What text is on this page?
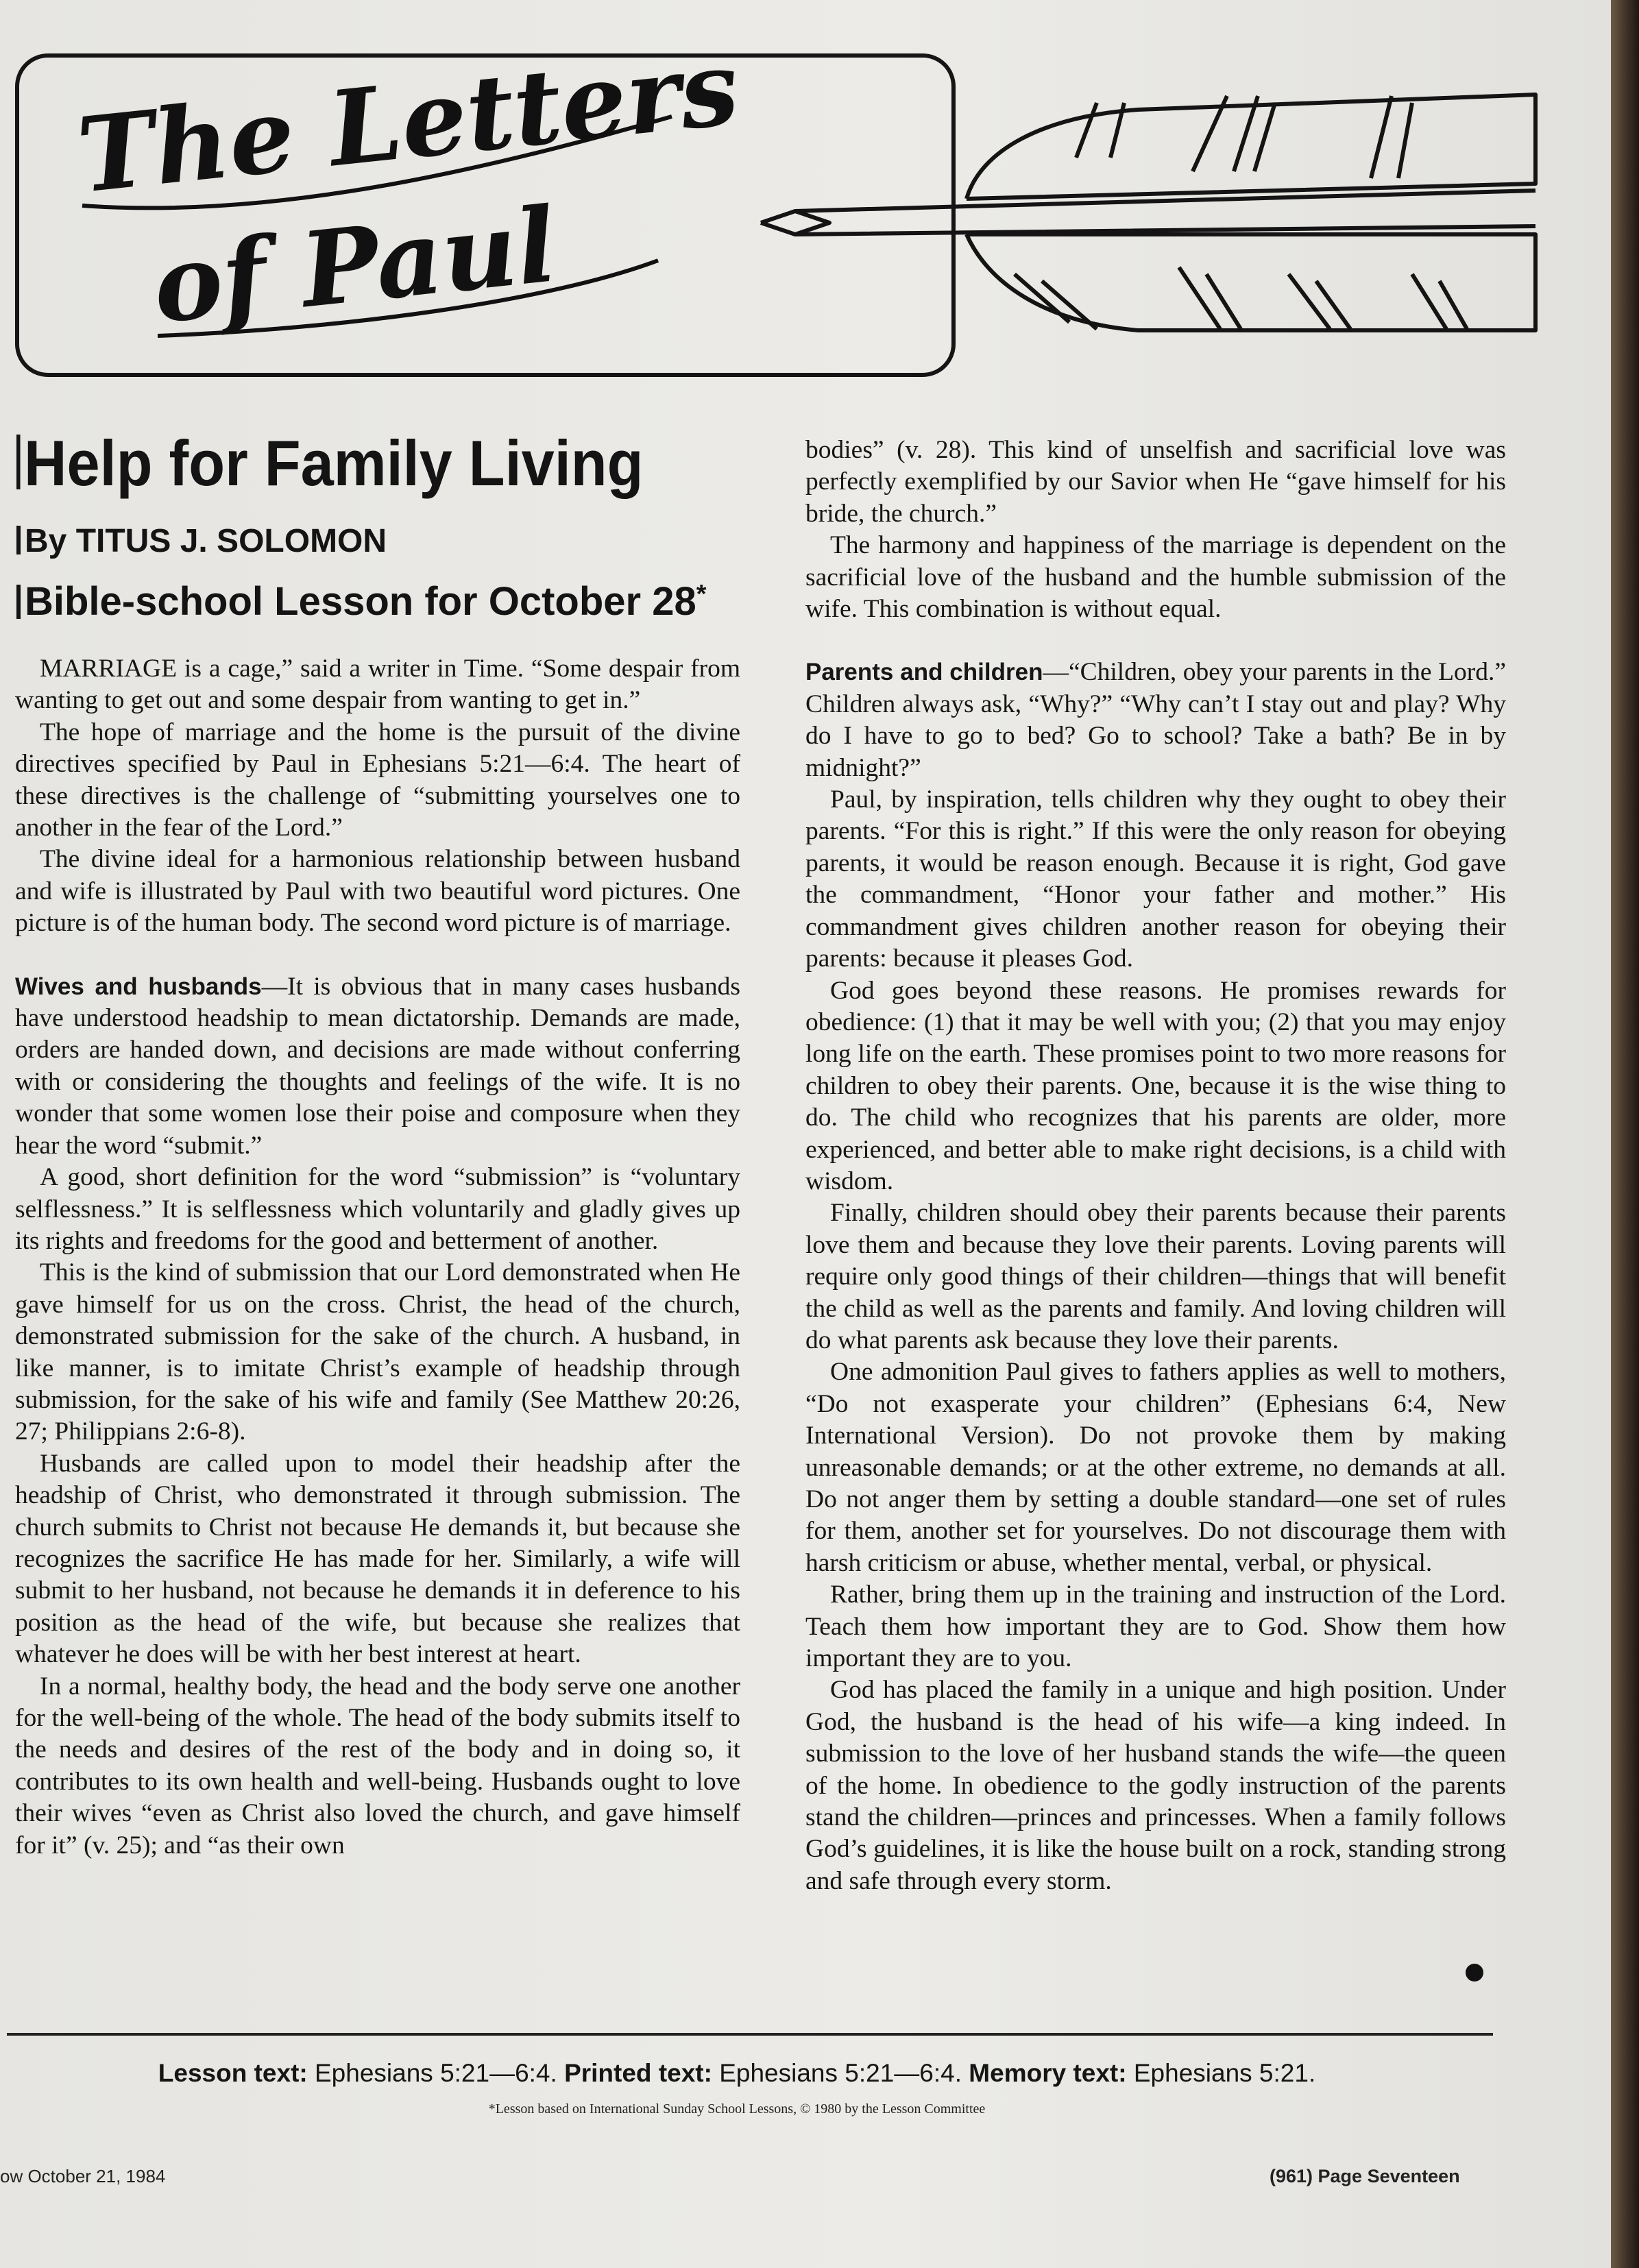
The Letters
of Paul
Help for Family Living
By TITUS J. SOLOMON
Bible-school Lesson for October 28*

MARRIAGE is a cage,” said a writer in Time. “Some despair from wanting to get out and some despair from wanting to get in.”

The hope of marriage and the home is the pursuit of the divine directives specified by Paul in Ephesians 5:21—6:4. The heart of these directives is the challenge of “submitting yourselves one to another in the fear of the Lord.”

The divine ideal for a harmonious relationship between husband and wife is illustrated by Paul with two beautiful word pictures. One picture is of the human body. The second word picture is of marriage.

Wives and husbands—It is obvious that in many cases husbands have understood headship to mean dictatorship. Demands are made, orders are handed down, and decisions are made without conferring with or considering the thoughts and feelings of the wife. It is no wonder that some women lose their poise and composure when they hear the word “submit.”

A good, short definition for the word “submission” is “voluntary selflessness.” It is selflessness which voluntarily and gladly gives up its rights and freedoms for the good and betterment of another.

This is the kind of submission that our Lord demonstrated when He gave himself for us on the cross. Christ, the head of the church, demonstrated submission for the sake of the church. A husband, in like manner, is to imitate Christ’s example of headship through submission, for the sake of his wife and family (See Matthew 20:26, 27; Philippians 2:6-8).

Husbands are called upon to model their headship after the headship of Christ, who demonstrated it through submission. The church submits to Christ not because He demands it, but because she recognizes the sacrifice He has made for her. Similarly, a wife will submit to her husband, not because he demands it in deference to his position as the head of the wife, but because she realizes that whatever he does will be with her best interest at heart.

In a normal, healthy body, the head and the body serve one another for the well-being of the whole. The head of the body submits itself to the needs and desires of the rest of the body and in doing so, it contributes to its own health and well-being. Husbands ought to love their wives “even as Christ also loved the church, and gave himself for it” (v. 25); and “as their own

bodies” (v. 28). This kind of unselfish and sacrificial love was perfectly exemplified by our Savior when He “gave himself for his bride, the church.”

The harmony and happiness of the marriage is dependent on the sacrificial love of the husband and the humble submission of the wife. This combination is without equal.

Parents and children—“Children, obey your parents in the Lord.” Children always ask, “Why?” “Why can’t I stay out and play? Why do I have to go to bed? Go to school? Take a bath? Be in by midnight?”

Paul, by inspiration, tells children why they ought to obey their parents. “For this is right.” If this were the only reason for obeying parents, it would be reason enough. Because it is right, God gave the commandment, “Honor your father and mother.” His commandment gives children another reason for obeying their parents: because it pleases God.

God goes beyond these reasons. He promises rewards for obedience: (1) that it may be well with you; (2) that you may enjoy long life on the earth. These promises point to two more reasons for children to obey their parents. One, because it is the wise thing to do. The child who recognizes that his parents are older, more experienced, and better able to make right decisions, is a child with wisdom.

Finally, children should obey their parents because their parents love them and because they love their parents. Loving parents will require only good things of their children—things that will benefit the child as well as the parents and family. And loving children will do what parents ask because they love their parents.

One admonition Paul gives to fathers applies as well to mothers, “Do not exasperate your children” (Ephesians 6:4, New International Version). Do not provoke them by making unreasonable demands; or at the other extreme, no demands at all. Do not anger them by setting a double standard—one set of rules for them, another set for yourselves. Do not discourage them with harsh criticism or abuse, whether mental, verbal, or physical.

Rather, bring them up in the training and instruction of the Lord. Teach them how important they are to God. Show them how important they are to you.

God has placed the family in a unique and high position. Under God, the husband is the head of his wife—a king indeed. In submission to the love of her husband stands the wife—the queen of the home. In obedience to the godly instruction of the parents stand the children—princes and princesses. When a family follows God’s guidelines, it is like the house built on a rock, standing strong and safe through every storm.

Lesson text: Ephesians 5:21—6:4. Printed text: Ephesians 5:21—6:4. Memory text: Ephesians 5:21.
*Lesson based on International Sunday School Lessons, © 1980 by the Lesson Committee
ow October 21, 1984	(961) Page Seventeen
